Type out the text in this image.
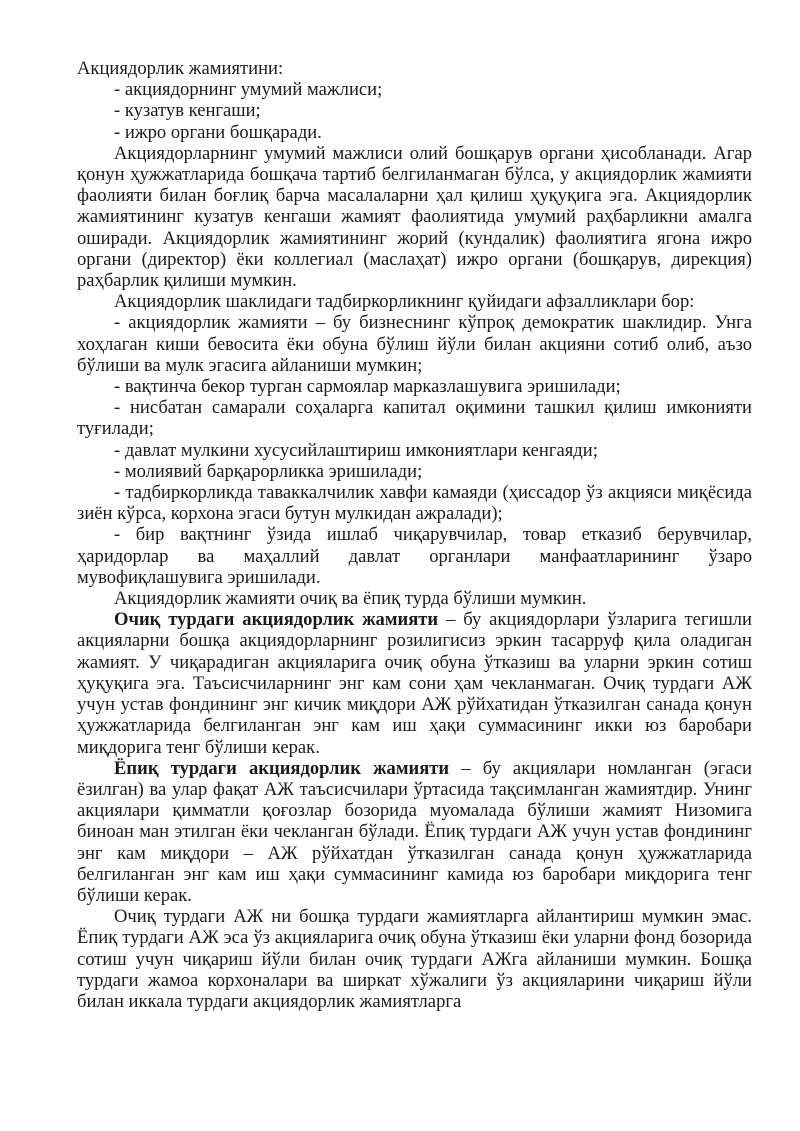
Акциядорлик жамиятини:

- акциядорнинг умумий мажлиси;

- кузатув кенгаши;

- ижро органи бошқаради.

Акциядорларнинг умумий мажлиси олий бошқарув органи ҳисобланади. Агар қонун ҳужжатларида бошқача тартиб белгиланмаган бўлса, у акциядорлик жамияти фаолияти билан боғлиқ барча масалаларни ҳал қилиш ҳуқуқига эга. Акциядорлик жамиятининг кузатув кенгаши жамият фаолиятида умумий раҳбарликни амалга оширади. Акциядорлик жамиятининг жорий (кундалик) фаолиятига ягона ижро органи (директор) ёки коллегиал (маслаҳат) ижро органи (бошқарув, дирекция) раҳбарлик қилиши мумкин.

Акциядорлик шаклидаги тадбиркорликнинг қуйидаги афзалликлари бор:

- акциядорлик жамияти – бу бизнеснинг кўпроқ демократик шаклидир. Унга хоҳлаган киши бевосита ёки обуна бўлиш йўли билан акцияни сотиб олиб, аъзо бўлиши ва мулк эгасига айланиши мумкин;

- вақтинча бекор турган сармоялар марказлашувига эришилади;

- нисбатан самарали соҳаларга капитал оқимини ташкил қилиш имконияти туғилади;

- давлат мулкини хусусийлаштириш имкониятлари кенгаяди;

- молиявий барқарорликка эришилади;

- тадбиркорликда таваккалчилик хавфи камаяди (ҳиссадор ўз акцияси миқёсида зиён кўрса, корхона эгаси бутун мулкидан ажралади);

- бир вақтнинг ўзида ишлаб чиқарувчилар, товар етказиб берувчилар, ҳаридорлар ва маҳаллий давлат органлари манфаатларининг ўзаро мувофиқлашувига эришилади.

Акциядорлик жамияти очиқ ва ёпиқ турда бўлиши мумкин.

Очиқ турдаги акциядорлик жамияти – бу акциядорлари ўзларига тегишли акцияларни бошқа акциядорларнинг розилигисиз эркин тасарруф қила оладиган жамият. У чиқарадиган акцияларига очиқ обуна ўтказиш ва уларни эркин сотиш ҳуқуқига эга. Таъсисчиларнинг энг кам сони ҳам чекланмаган. Очиқ турдаги АЖ учун устав фондининг энг кичик миқдори АЖ рўйхатидан ўтказилган санада қонун ҳужжатларида белгиланган энг кам иш ҳақи суммасининг икки юз баробари миқдорига тенг бўлиши керак.

Ёпиқ турдаги акциядорлик жамияти – бу акциялари номланган (эгаси ёзилган) ва улар фақат АЖ таъсисчилари ўртасида тақсимланган жамиятдир. Унинг акциялари қимматли қоғозлар бозорида муомалада бўлиши жамият Низомига биноан ман этилган ёки чекланган бўлади. Ёпиқ турдаги АЖ учун устав фондининг энг кам миқдори – АЖ рўйхатдан ўтказилган санада қонун ҳужжатларида белгиланган энг кам иш ҳақи суммасининг камида юз баробари миқдорига тенг бўлиши керак.

Очиқ турдаги АЖ ни бошқа турдаги жамиятларга айлантириш мумкин эмас. Ёпиқ турдаги АЖ эса ўз акцияларига очиқ обуна ўтказиш ёки уларни фонд бозорида сотиш учун чиқариш йўли билан очиқ турдаги АЖга айланиши мумкин. Бошқа турдаги жамоа корхоналари ва ширкат хўжалиги ўз акцияларини чиқариш йўли билан иккала турдаги акциядорлик жамиятларга
